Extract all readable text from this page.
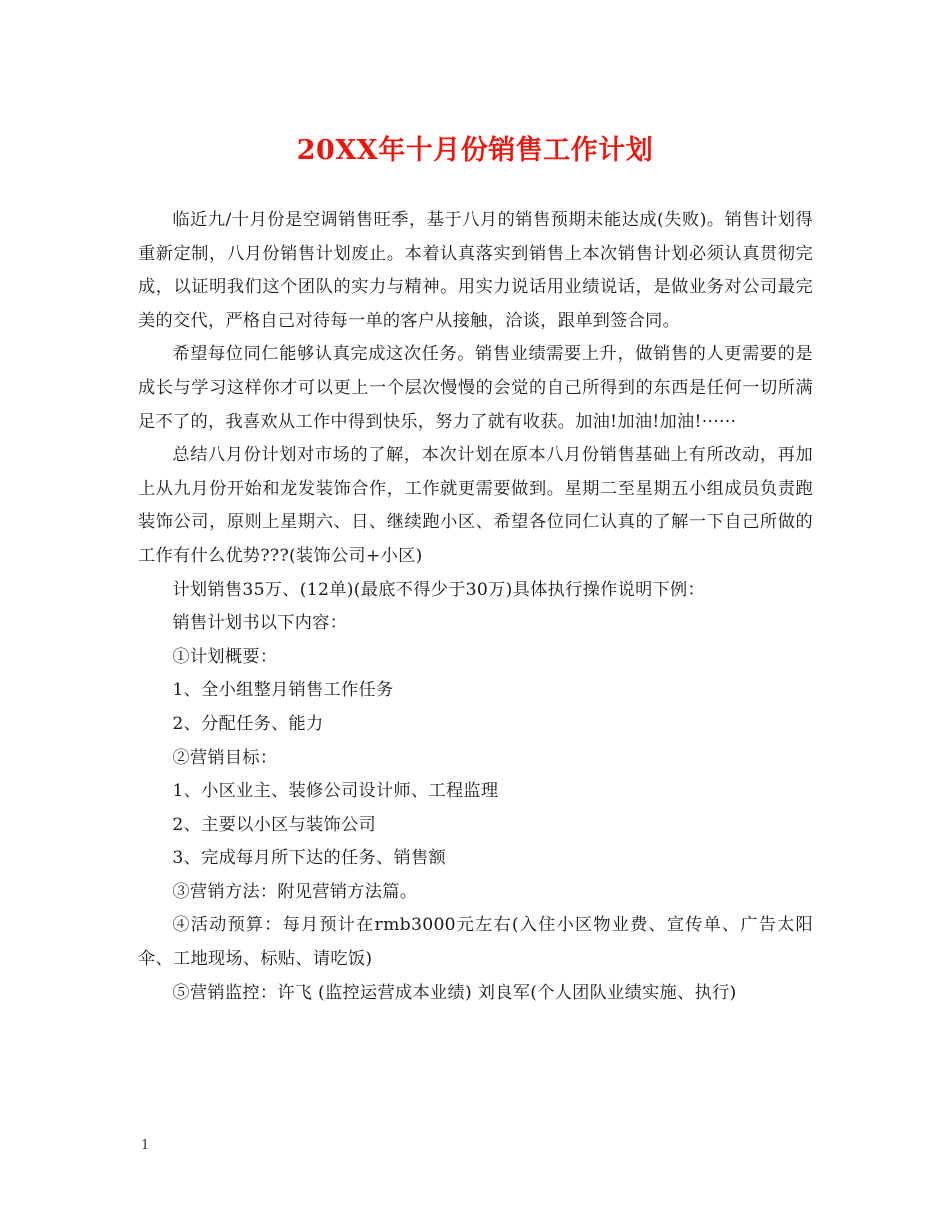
20XX年十月份销售工作计划

临近九/十月份是空调销售旺季，基于八月的销售预期未能达成(失败)。销售计划得重新定制，八月份销售计划废止。本着认真落实到销售上本次销售计划必须认真贯彻完成，以证明我们这个团队的实力与精神。用实力说话用业绩说话，是做业务对公司最完美的交代，严格自己对待每一单的客户从接触，洽谈，跟单到签合同。

希望每位同仁能够认真完成这次任务。销售业绩需要上升，做销售的人更需要的是成长与学习这样你才可以更上一个层次慢慢的会觉的自己所得到的东西是任何一切所满足不了的，我喜欢从工作中得到快乐，努力了就有收获。加油!加油!加油!······

总结八月份计划对市场的了解，本次计划在原本八月份销售基础上有所改动，再加上从九月份开始和龙发装饰合作，工作就更需要做到。星期二至星期五小组成员负责跑装饰公司，原则上星期六、日、继续跑小区、希望各位同仁认真的了解一下自己所做的工作有什么优势???(装饰公司+小区)

计划销售35万、(12单)(最底不得少于30万)具体执行操作说明下例：

销售计划书以下内容：

①计划概要：

1、全小组整月销售工作任务

2、分配任务、能力

②营销目标：

1、小区业主、装修公司设计师、工程监理

2、主要以小区与装饰公司

3、完成每月所下达的任务、销售额

③营销方法：附见营销方法篇。

④活动预算：每月预计在rmb3000元左右(入住小区物业费、宣传单、广告太阳伞、工地现场、标贴、请吃饭)

⑤营销监控：许飞 (监控运营成本业绩) 刘良军(个人团队业绩实施、执行)

1
